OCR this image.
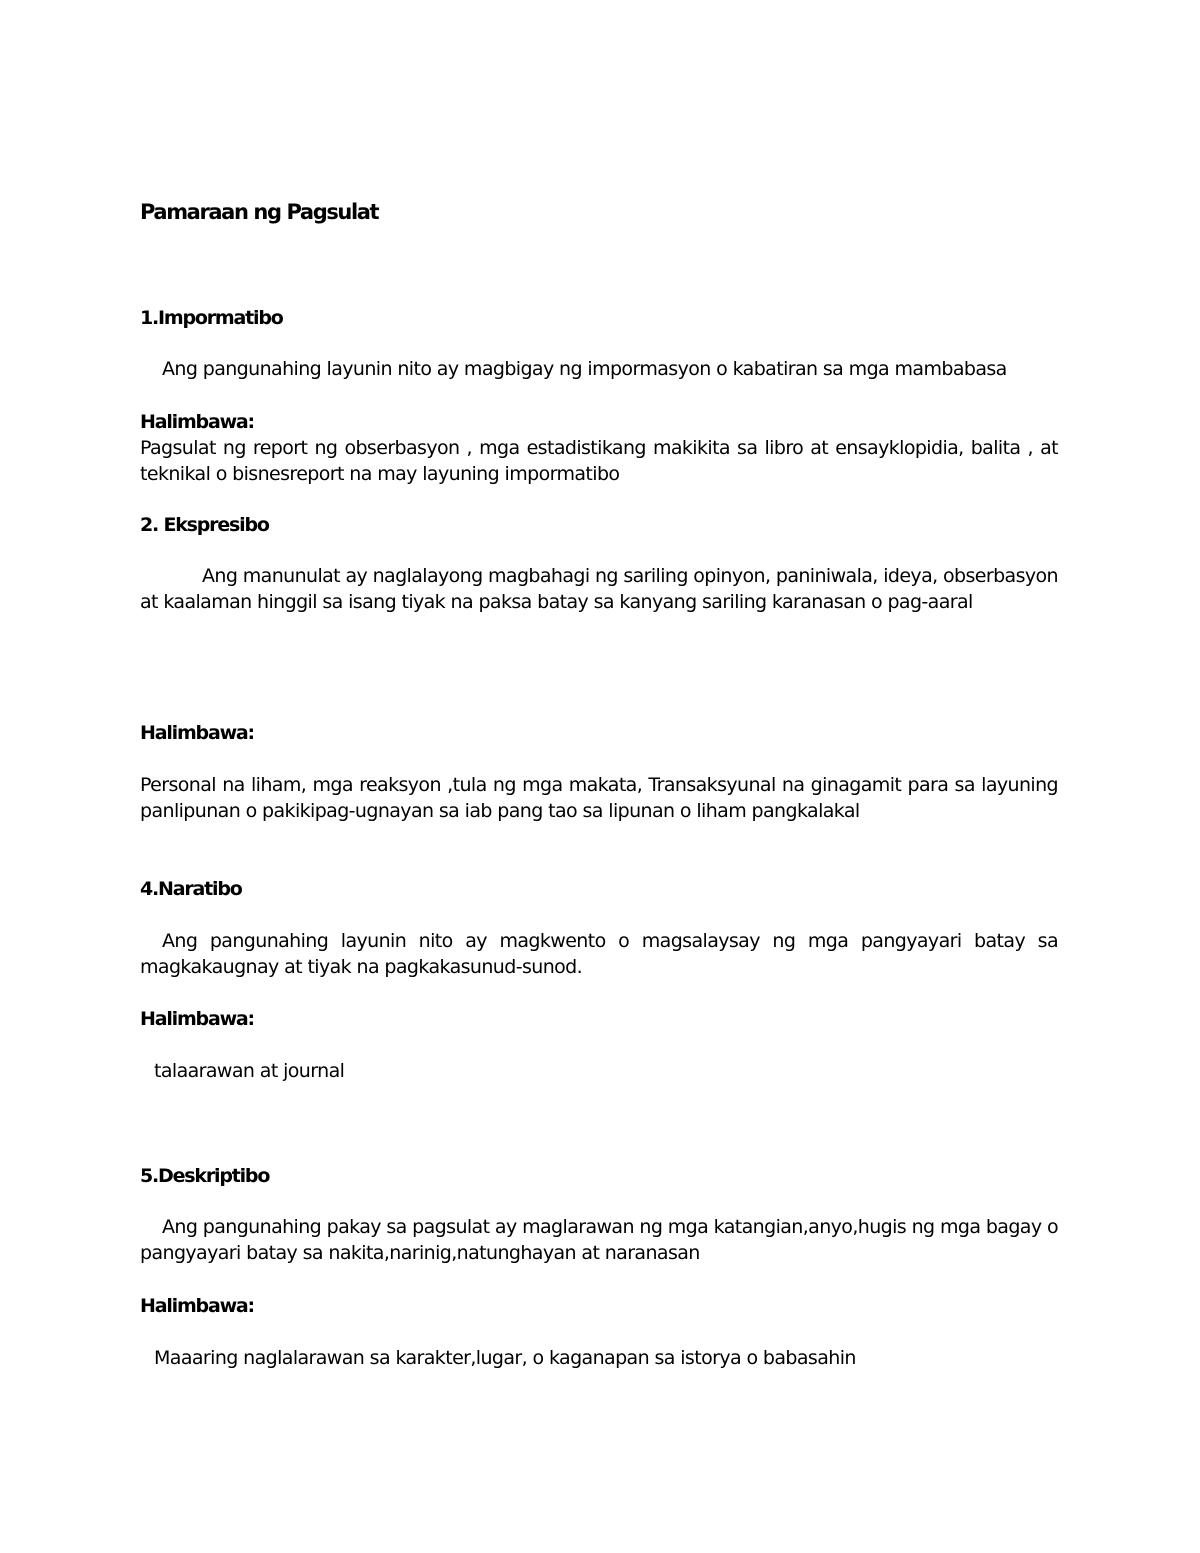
Pamaraan ng Pagsulat
1.Impormatibo

Ang pangunahing layunin nito ay magbigay ng impormasyon o kabatiran sa mga mambabasa

Halimbawa:

Pagsulat ng report ng obserbasyon , mga estadistikang makikita sa libro at ensayklopidia, balita , at teknikal o bisnesreport na may layuning impormatibo

2. Ekspresibo

Ang manunulat ay naglalayong magbahagi ng sariling opinyon, paniniwala, ideya, obserbasyon at kaalaman hinggil sa isang tiyak na paksa batay sa kanyang sariling karanasan o pag-aaral

Halimbawa:

Personal na liham, mga reaksyon ,tula ng mga makata, Transaksyunal na ginagamit para sa layuning panlipunan o pakikipag-ugnayan sa iab pang tao sa lipunan o liham pangkalakal

4.Naratibo

Ang pangunahing layunin nito ay magkwento o magsalaysay ng mga pangyayari batay sa magkakaugnay at tiyak na pagkakasunud-sunod.

Halimbawa:

talaarawan at journal

5.Deskriptibo

Ang pangunahing pakay sa pagsulat ay maglarawan ng mga katangian,anyo,hugis ng mga bagay o pangyayari batay sa nakita,narinig,natunghayan at naranasan

Halimbawa:

Maaaring naglalarawan sa karakter,lugar, o kaganapan sa istorya o babasahin
